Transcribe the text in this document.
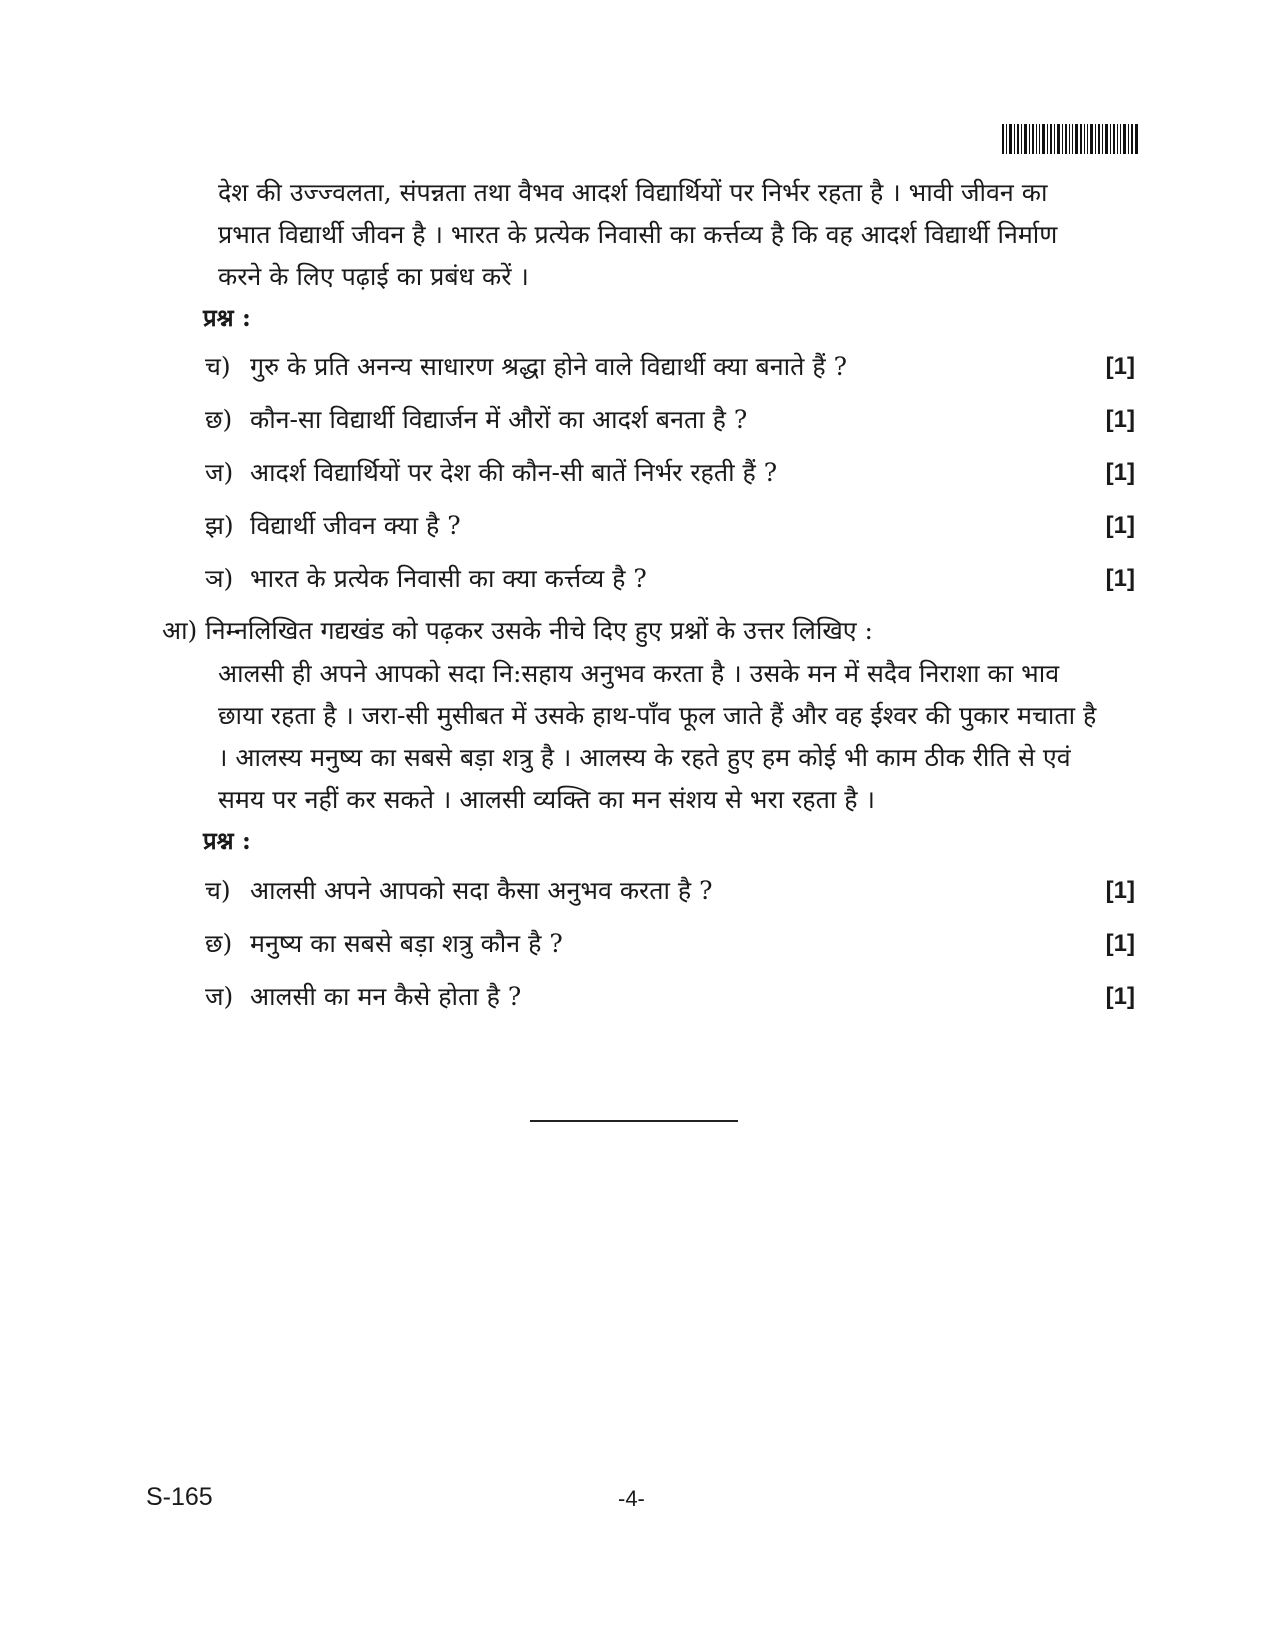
देश की उज्ज्वलता, संपन्नता तथा वैभव आदर्श विद्यार्थियों पर निर्भर रहता है । भावी जीवन का प्रभात विद्यार्थी जीवन है । भारत के प्रत्येक निवासी का कर्त्तव्य है कि वह आदर्श विद्यार्थी निर्माण करने के लिए पढ़ाई का प्रबंध करें ।

प्रश्न :

च) गुरु के प्रति अनन्य साधारण श्रद्धा होने वाले विद्यार्थी क्या बनाते हैं ?	[1]
छ) कौन-सा विद्यार्थी विद्यार्जन में औरों का आदर्श बनता है ?	[1]
ज) आदर्श विद्यार्थियों पर देश की कौन-सी बातें निर्भर रहती हैं ?	[1]
झ) विद्यार्थी जीवन क्या है ?	[1]
ञ) भारत के प्रत्येक निवासी का क्या कर्त्तव्य है ?	[1]

आ) निम्नलिखित गद्यखंड को पढ़कर उसके नीचे दिए हुए प्रश्नों के उत्तर लिखिए :

आलसी ही अपने आपको सदा नि:सहाय अनुभव करता है । उसके मन में सदैव निराशा का भाव छाया रहता है । जरा-सी मुसीबत में उसके हाथ-पाँव फूल जाते हैं और वह ईश्वर की पुकार मचाता है । आलस्य मनुष्य का सबसे बड़ा शत्रु है । आलस्य के रहते हुए हम कोई भी काम ठीक रीति से एवं समय पर नहीं कर सकते । आलसी व्यक्ति का मन संशय से भरा रहता है ।

प्रश्न :

च) आलसी अपने आपको सदा कैसा अनुभव करता है ?	[1]
छ) मनुष्य का सबसे बड़ा शत्रु कौन है ?	[1]
ज) आलसी का मन कैसे होता है ?	[1]
S-165	-4-
